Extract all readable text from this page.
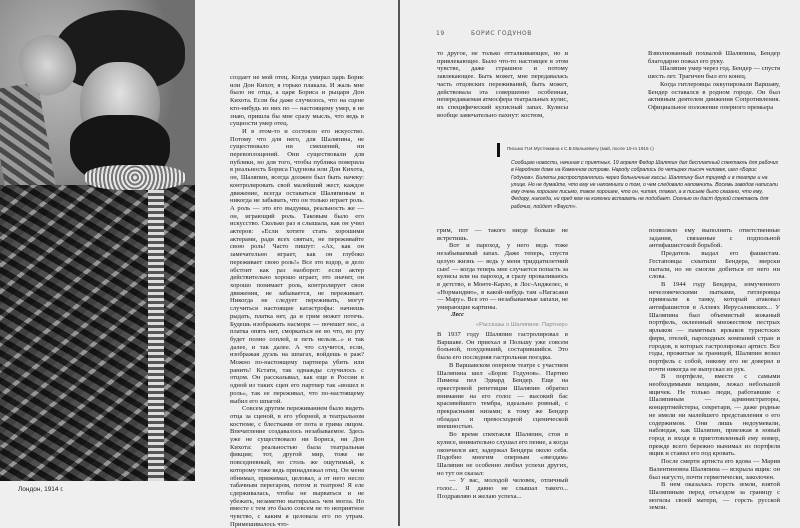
Лондон, 1914 г.

создает не мой отец. Когда умирал царь Борис или Дон Кихот, я горько плакала. И жаль мне было не отца, а царя Бориса и рыцаря Дон Кихота. Если бы даже случилось, что на сцене кто-нибудь из них по — настоящему умер, я не знаю, пришла бы мне сразу мысль, что ведь в сущности умер отец.

И в этом-то и состояло его искусство. Потому что для него, для Шаляпина, не существовало ни смешений, ни перевоплощений. Они существовали для публики, но для того, чтобы публика поверила в реальность Бориса Годунова или Дон Кихота, он, Шаляпин, всегда должен был быть начеку: контролировать свой малейший жест, каждое движение, всегда оставаться Шаляпиным и никогда не забывать, что он только играет роль. А роль — это его выдумка, реальность же — он, играющий роль. Таковым было его искусство. Сколько раз я слышала, как он учил актеров: «Если хотите стать хорошими актерами, ради всех святых, не переживайте свою роль! Часто пишут: «Ах, как он замечательно играет, как он глубоко переживает свою роль!» Все это вздор, и дело обстоит как раз наоборот: если актер действительно хорошо играет, это значит, он хорошо понимает роль, контролирует свои движения, не забывается, не переживает. Никогда не следует переживать, могут случиться настоящие катастрофы: начнешь рыдать, платка нет, да и грим может потечь. Будешь изображать насморк — почешет нос, а платка опять нет, сморкаться не во что, во рту будет полно соплей, и петь нельзя...» и так далее, и так далее. А что случится, если, изображая дуэль на шпагах, войдешь в раж? Можно по-настоящему партнера убить или ранить! Кстати, так однажды случилось с отцом. Он рассказывал, как еще в России в одной из таких сцен его партнер так «вошел в роль», так ее переживал, что по-настоящему выбил его шпагой.

Совсем другим переживанием было видеть отца за сценой, в его уборной, в театральном костюме, с блестками от пота и грима лицом. Впечатление создавалось незабываемое. Здесь уже не существовало ни Бориса, ни Дон Кихота: реальностью была театральная фикция; тот, другой мир, тоже не повседневный, но столь же ощутимый, к которому тоже ведь принадлежал отец. Он меня обнимал, прижимал, целовал, а от него несло табачным перегаром, потом и театром! Я еле сдерживалась, чтобы не вырваться и не убежать, незаметно вытиралась чем могла. Но вместе с тем это было совсем не то неприятное чувство, с каким я целовала его по утрам. Примешивалось что-

19	БОРИС ГОДУНОВ

то другое, не только отталкивающее, но и привлекающее. Было что-то настоящее в этом чувстве, даже страшное и потому завлекающее. Быть может, мне передавалась часть отцовских переживаний, быть может, действовала эта совершенно особенная, непередаваемая атмосфера театральных кулис, их специфический кулисный запах. Кулисы вообще замечательно пахнут: костюм,

Взволнованный похвалой Шаляпина, Бендер благодарно пожал его руку.

Шаляпин умер через год. Бендер — спустя шесть лет. Трагичен был его конец.

Когда гитлеровцы оккупировали Варшаву, Бендер оставался в родном городе. Он был активным деятелем движения Сопротивления. Официальное положение оперного премьера

Письмо П.И.Мустяжкина к С.В.Малькевичу (май, после 10-го 1915 г.)
Сообщаю новости, начиная с приятных. 19 апреля Федор Шаляпин дал бесплатный спектакль для рабочих в Народном доме на Каменном острове. Народу собралось до четырех тысяч человек, шел «Борис Годунов». Билеты распространялись через больничные кассы. Шаляпину был триумф и в театре и на улице. Но не думайте, что ему не напомнили о том, о чем следовало напомнить. Восемь заводов написали ему очень хорошее письмо, такое хорошее, что он, читая, плакал, а в письме было сказано, что ему, Федору, никогда, ни пред кем на коленки вставать не подобает. Осенью он даст другой спектакль для рабочих, пойдет «Фауст».

грим, пот — такого нигде больше не встретишь.

Вот и пароход, у него ведь тоже незабываемый запах. Даже теперь, спустя целую жизнь — ведь у меня тридцатилетний сын! — когда теперь мне случается попасть за кулисы или на пароход, я сразу проваливаюсь в детство, в Монте-Карло, в Лос-Анджелес, в «Нормандию», в какой-нибудь там «Нагасаки — Мару». Все это — незабываемые запахи, не умирающие картины.

Лесс
«Рассказы о Шаляпине. Партнер»

В 1937 году Шаляпин гастролировал в Варшаве. Он приехал в Польшу уже совсем больной, похудевший, состарившийся. Это была его последняя гастрольная поездка.

В Варшавском оперном театре с участием Шаляпина шел «Борис Годунов». Партию Пимена пел Эдвард Бендер. Еще на оркестровой репетиции Шаляпин обратил внимание на его голос — высокий бас красивейшего тембра, идеально ровный, с прекрасными низами; к тому же Бендер обладал и превосходной сценической внешностью.

Во время спектакля Шаляпин, стоя в кулисе, внимательно слушал его пение, а когда окончился акт, задержал Бендера около себя. Подобно многим оперным «звездам» Шаляпин не особенно любил успехи других, но тут он сказал:

— У вас, молодой человек, отличный голос... Я давно не слышал такого... Поздравляю и желаю успеха...

позволяло ему выполнять ответственные задания, связанные с подпольной антифашистской борьбой.

Предатель выдал его фашистам. Гестаповцы схватили Бендера, зверски пытали, но не смогли добиться от него ни слова.

В 1944 году Бендера, измученного нечеловеческими пытками, гитлеровцы привязали к танку, который атаковал антифашистов в Аллеях Иерусалимских... У Шаляпина был объемистый кожаный портфель, оклеенный множеством пестрых ярлыков — памятных ярлыков туристских фирм, отелей, пароходных компаний стран и городов, в которых гастролировал артист. Все годы, прожитые за границей, Шаляпин возил портфель с собой, никому его не доверял и почти никогда не выпускал из рук.

В портфеле, вместе с самыми необходимыми вещами, лежал небольшой ящичек. Не только люди, работавшие с Шаляпиным — администраторы, концертмейстеры, секретари, — даже родные не имели ни малейшего представления о его содержимом. Они лишь недоумевали, наблюдая, как Шаляпин, приезжая в новый город и входя в приготовленный ему номер, прежде всего бережно вынимал из портфеля ящик и ставил его под кровать.

После смерти артиста его вдова — Мария Валентиновна Шаляпина — вскрыла ящик: он был нагусто, почти герметически, заколочен.

В нем оказалась горсть земли, взятой Шаляпиным перед отъездом за границу с могилы своей матери, — горсть русской земли.
